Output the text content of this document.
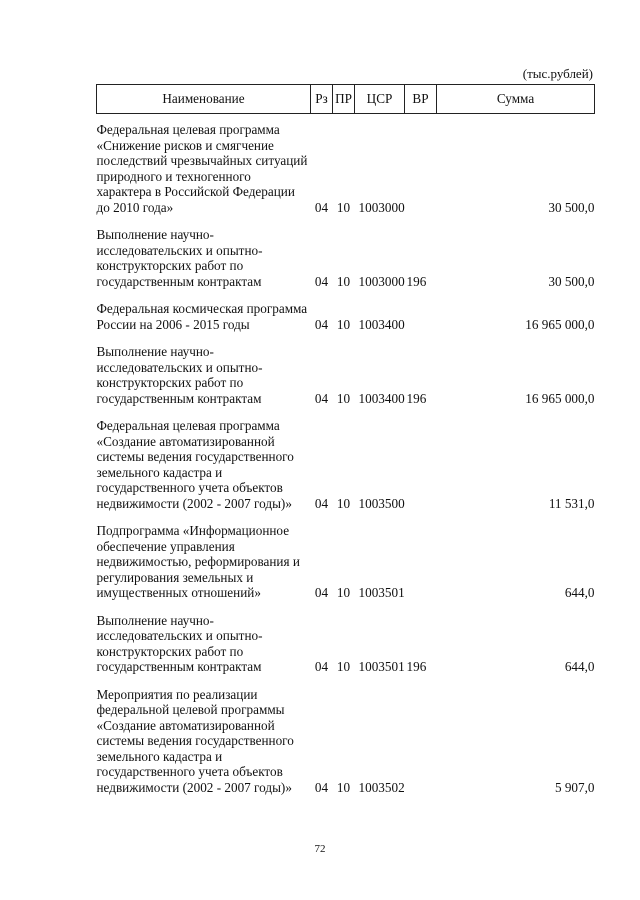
(тыс.рублей)
Наименование	Рз	ПР	ЦСР	ВР	Сумма
Федеральная целевая программа «Снижение рисков и смягчение последствий чрезвычайных ситуаций природного и техногенного характера в Российской Федерации до 2010 года»	04	10	1003000		30 500,0
Выполнение научно-исследовательских и опытно-конструкторских работ по государственным контрактам	04	10	1003000	196	30 500,0
Федеральная космическая программа России на 2006 - 2015 годы	04	10	1003400		16 965 000,0
Выполнение научно-исследовательских и опытно-конструкторских работ по государственным контрактам	04	10	1003400	196	16 965 000,0
Федеральная целевая программа «Создание автоматизированной системы ведения государственного земельного кадастра и государственного учета объектов недвижимости (2002 - 2007 годы)»	04	10	1003500		11 531,0
Подпрограмма «Информационное обеспечение управления недвижимостью, реформирования и регулирования земельных и имущественных отношений»	04	10	1003501		644,0
Выполнение научно-исследовательских и опытно-конструкторских работ по государственным контрактам	04	10	1003501	196	644,0
Мероприятия по реализации федеральной целевой программы «Создание автоматизированной системы ведения государственного земельного кадастра и государственного учета объектов недвижимости (2002 - 2007 годы)»	04	10	1003502		5 907,0
72
